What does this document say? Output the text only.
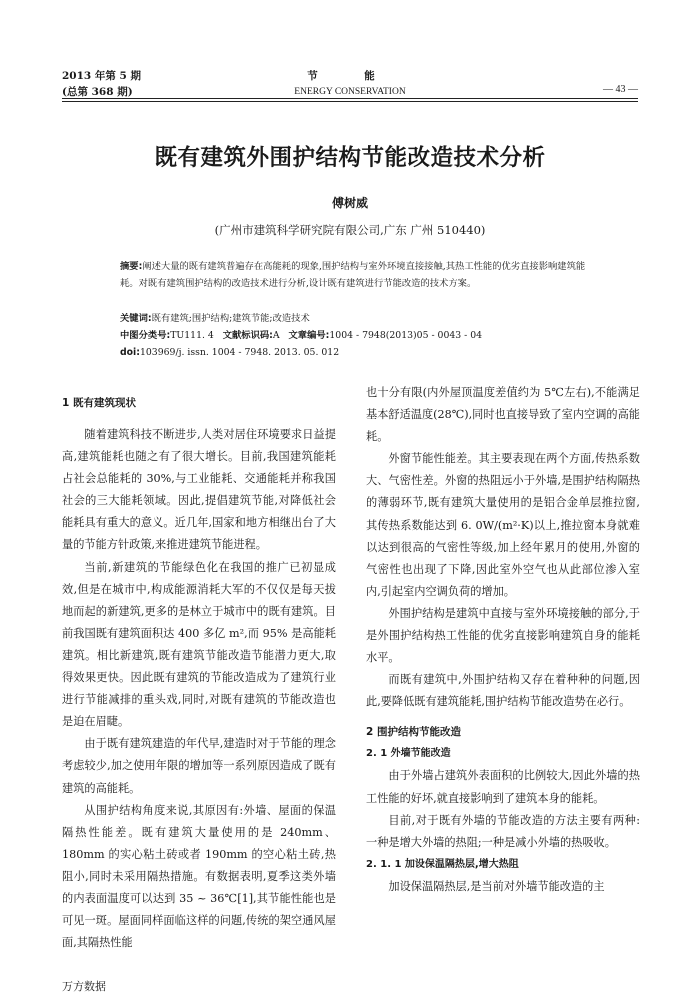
2013 年第 5 期
(总第 368 期)
节　能
ENERGY CONSERVATION	— 43 —
既有建筑外围护结构节能改造技术分析
傅树威
(广州市建筑科学研究院有限公司,广东 广州 510440)
摘要:阐述大量的既有建筑普遍存在高能耗的现象,围护结构与室外环境直接接触,其热工性能的优劣直接影响建筑能耗。对既有建筑围护结构的改造技术进行分析,设计既有建筑进行节能改造的技术方案。
关键词:既有建筑;围护结构;建筑节能;改造技术
中图分类号:TU111. 4 文献标识码:A 文章编号:1004 - 7948(2013)05 - 0043 - 04
doi:103969/j. issn. 1004 - 7948. 2013. 05. 012
1 既有建筑现状

随着建筑科技不断进步,人类对居住环境要求日益提高,建筑能耗也随之有了很大增长。目前,我国建筑能耗占社会总能耗的 30%,与工业能耗、交通能耗并称我国社会的三大能耗领域。因此,提倡建筑节能,对降低社会能耗具有重大的意义。近几年,国家和地方相继出台了大量的节能方针政策,来推进建筑节能进程。

当前,新建筑的节能绿色化在我国的推广已初显成效,但是在城市中,构成能源消耗大军的不仅仅是每天拔地而起的新建筑,更多的是林立于城市中的既有建筑。目前我国既有建筑面积达 400 多亿 m²,而 95% 是高能耗建筑。相比新建筑,既有建筑节能改造节能潜力更大,取得效果更快。因此既有建筑的节能改造成为了建筑行业进行节能减排的重头戏,同时,对既有建筑的节能改造也是迫在眉睫。

由于既有建筑建造的年代早,建造时对于节能的理念考虑较少,加之使用年限的增加等一系列原因造成了既有建筑的高能耗。

从围护结构角度来说,其原因有:外墙、屋面的保温隔热性能差。既有建筑大量使用的是 240mm、180mm 的实心粘土砖或者 190mm 的空心粘土砖,热阻小,同时未采用隔热措施。有数据表明,夏季这类外墙的内表面温度可以达到 35 ~ 36℃[1],其节能性能也是可见一斑。屋面同样面临这样的问题,传统的架空通风屋面,其隔热性能

也十分有限(内外屋顶温度差值约为 5℃左右),不能满足基本舒适温度(28℃),同时也直接导致了室内空调的高能耗。

外窗节能性能差。其主要表现在两个方面,传热系数大、气密性差。外窗的热阻远小于外墙,是围护结构隔热的薄弱环节,既有建筑大量使用的是铝合金单层推拉窗,其传热系数能达到 6. 0W/(m²·K)以上,推拉窗本身就难以达到很高的气密性等级,加上经年累月的使用,外窗的气密性也出现了下降,因此室外空气也从此部位渗入室内,引起室内空调负荷的增加。

外围护结构是建筑中直接与室外环境接触的部分,于是外围护结构热工性能的优劣直接影响建筑自身的能耗水平。

而既有建筑中,外围护结构又存在着种种的问题,因此,要降低既有建筑能耗,围护结构节能改造势在必行。

2 围护结构节能改造
2. 1 外墙节能改造

由于外墙占建筑外表面积的比例较大,因此外墙的热工性能的好坏,就直接影响到了建筑本身的能耗。

目前,对于既有外墙的节能改造的方法主要有两种:一种是增大外墙的热阻;一种是减小外墙的热吸收。

2. 1. 1 加设保温隔热层,增大热阻

加设保温隔热层,是当前对外墙节能改造的主

万方数据
